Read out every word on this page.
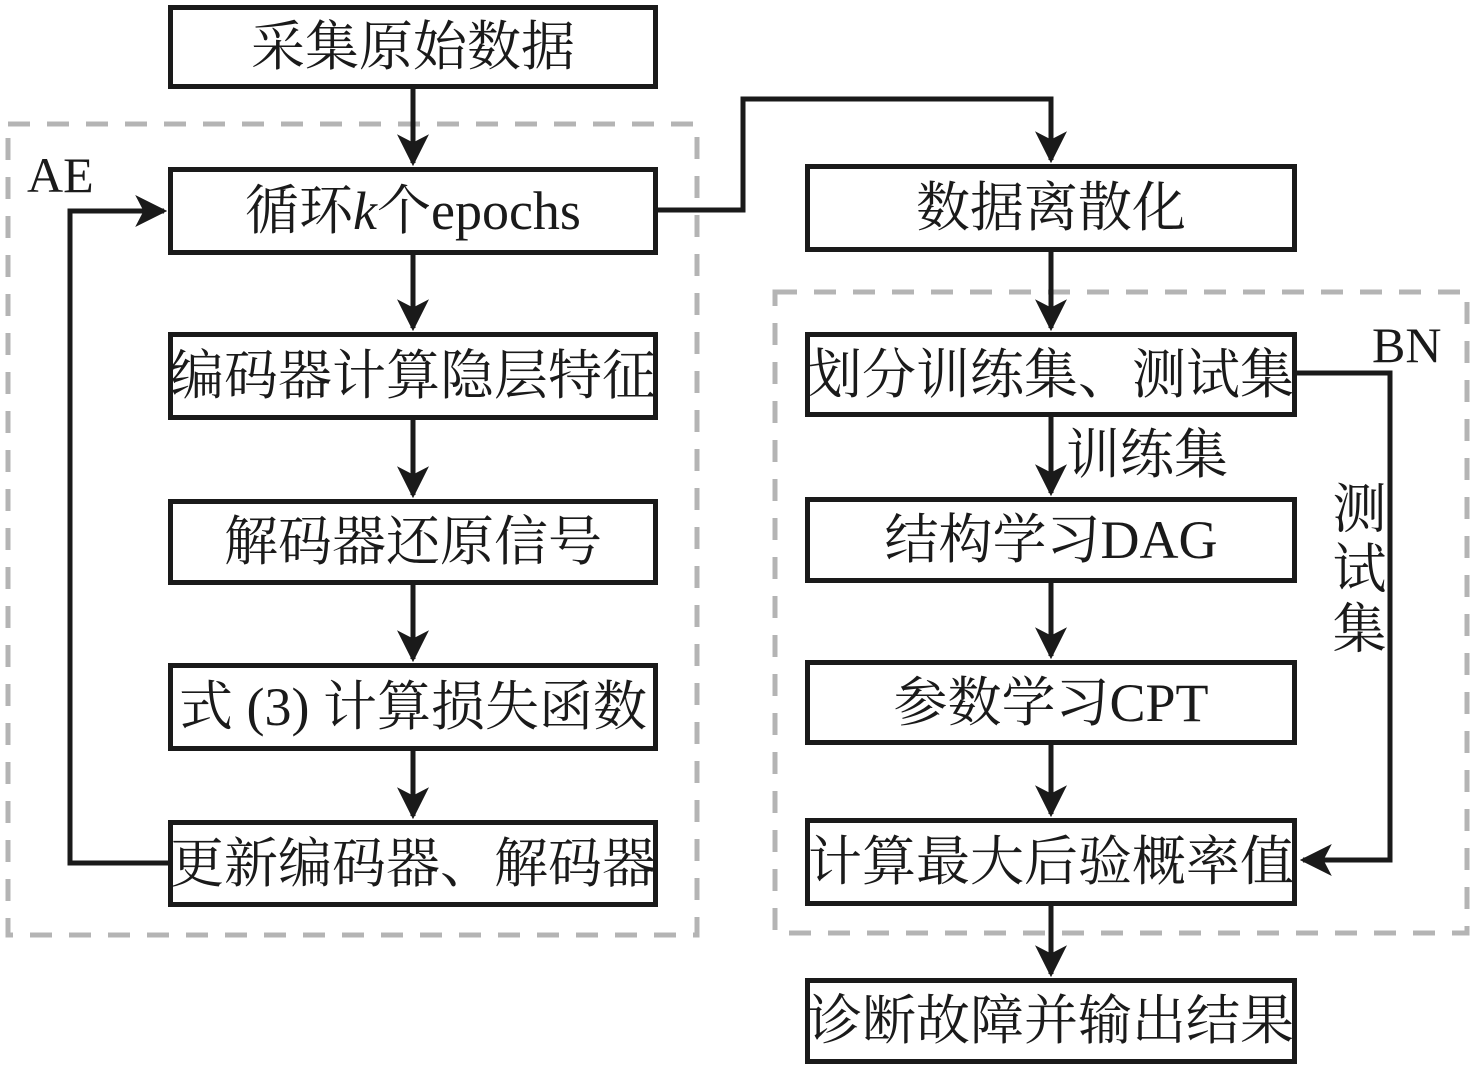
采集原始数据
循环 k 个epochs
编码器计算隐层特征
解码器还原信号
式 (3) 计算损失函数
更新编码器、解码器
数据离散化
划分训练集、测试集
结构学习DAG
参数学习CPT
计算最大后验概率值
诊断故障并输出结果
AE
BN
训练集
测试集
